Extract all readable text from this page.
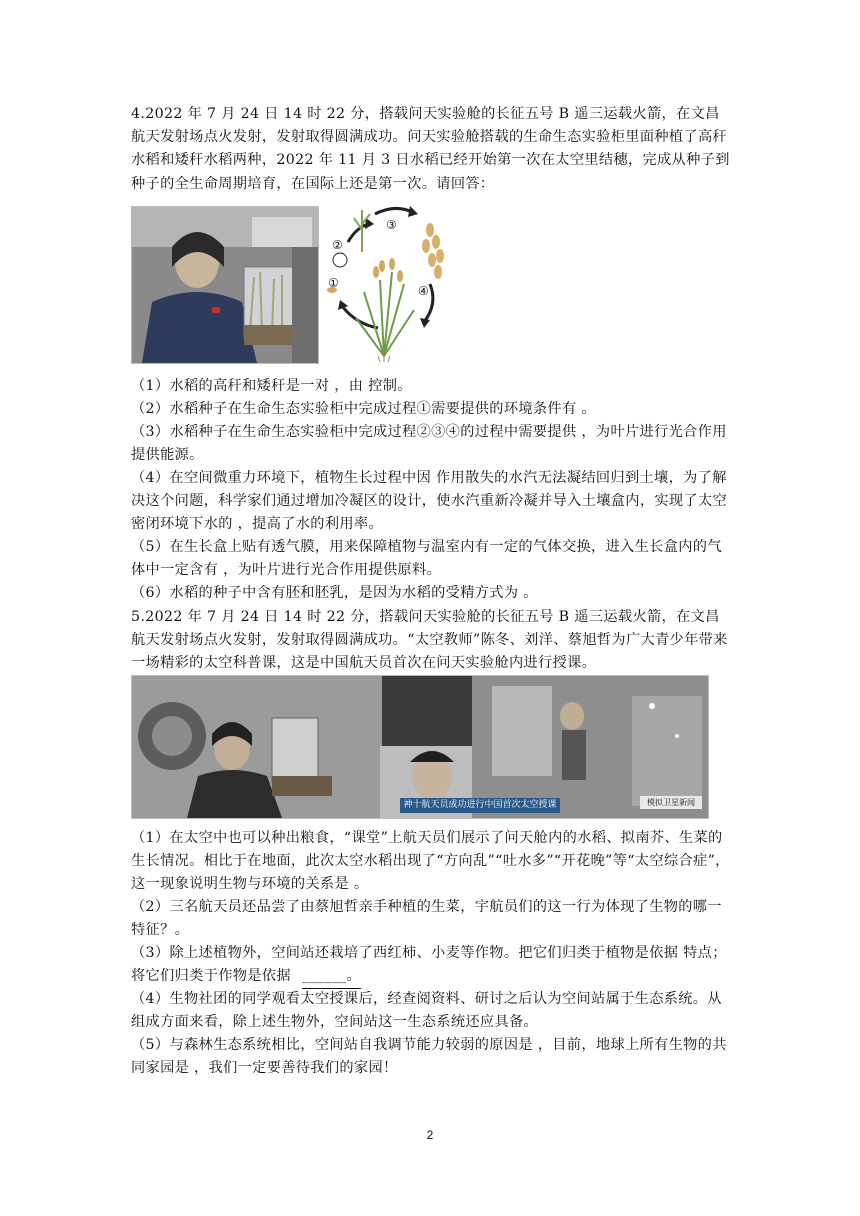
4.2022 年 7 月 24 日 14 时 22 分，搭载问天实验舱的长征五号 B 遥三运载火箭，在文昌航天发射场点火发射，发射取得圆满成功。问天实验舱搭载的生命生态实验柜里面种植了高秆水稻和矮秆水稻两种，2022 年 11 月 3 日水稻已经开始第一次在太空里结穗，完成从种子到种子的全生命周期培育，在国际上还是第一次。请回答：

①
②
③
④

（1）水稻的高秆和矮秆是一对 ，由 控制。

（2）水稻种子在生命生态实验柜中完成过程①需要提供的环境条件有 。

（3）水稻种子在生命生态实验柜中完成过程②③④的过程中需要提供 ，为叶片进行光合作用提供能源。

（4）在空间微重力环境下，植物生长过程中因 作用散失的水汽无法凝结回归到土壤，为了解决这个问题，科学家们通过增加冷凝区的设计，使水汽重新冷凝并导入土壤盒内，实现了太空密闭环境下水的 ，提高了水的利用率。

（5）在生长盒上贴有透气膜，用来保障植物与温室内有一定的气体交换，进入生长盒内的气体中一定含有 ，为叶片进行光合作用提供原料。

（6）水稻的种子中含有胚和胚乳，是因为水稻的受精方式为 。

5.2022 年 7 月 24 日 14 时 22 分，搭载问天实验舱的长征五号 B 遥三运载火箭，在文昌航天发射场点火发射，发射取得圆满成功。“太空教师”陈冬、刘洋、蔡旭哲为广大青少年带来一场精彩的太空科普课，这是中国航天员首次在问天实验舱内进行授课。

神十航天员成功进行中国首次太空授课	模拟卫星新闻

（1）在太空中也可以种出粮食，“课堂”上航天员们展示了问天舱内的水稻、拟南芥、生菜的生长情况。相比于在地面，此次太空水稻出现了“方向乱”“吐水多”“开花晚”等“太空综合症”，这一现象说明生物与环境的关系是 。

（2）三名航天员还品尝了由蔡旭哲亲手种植的生菜，宇航员们的这一行为体现了生物的哪一特征？。

（3）除上述植物外，空间站还栽培了西红柿、小麦等作物。把它们归类于植物是依据 特点；将它们归类于作物是依据 ______。

（4）生物社团的同学观看太空授课后，经查阅资料、研讨之后认为空间站属于生态系统。从组成方面来看，除上述生物外，空间站这一生态系统还应具备。

（5）与森林生态系统相比，空间站自我调节能力较弱的原因是 ，目前，地球上所有生物的共同家园是 ，我们一定要善待我们的家园！

2
